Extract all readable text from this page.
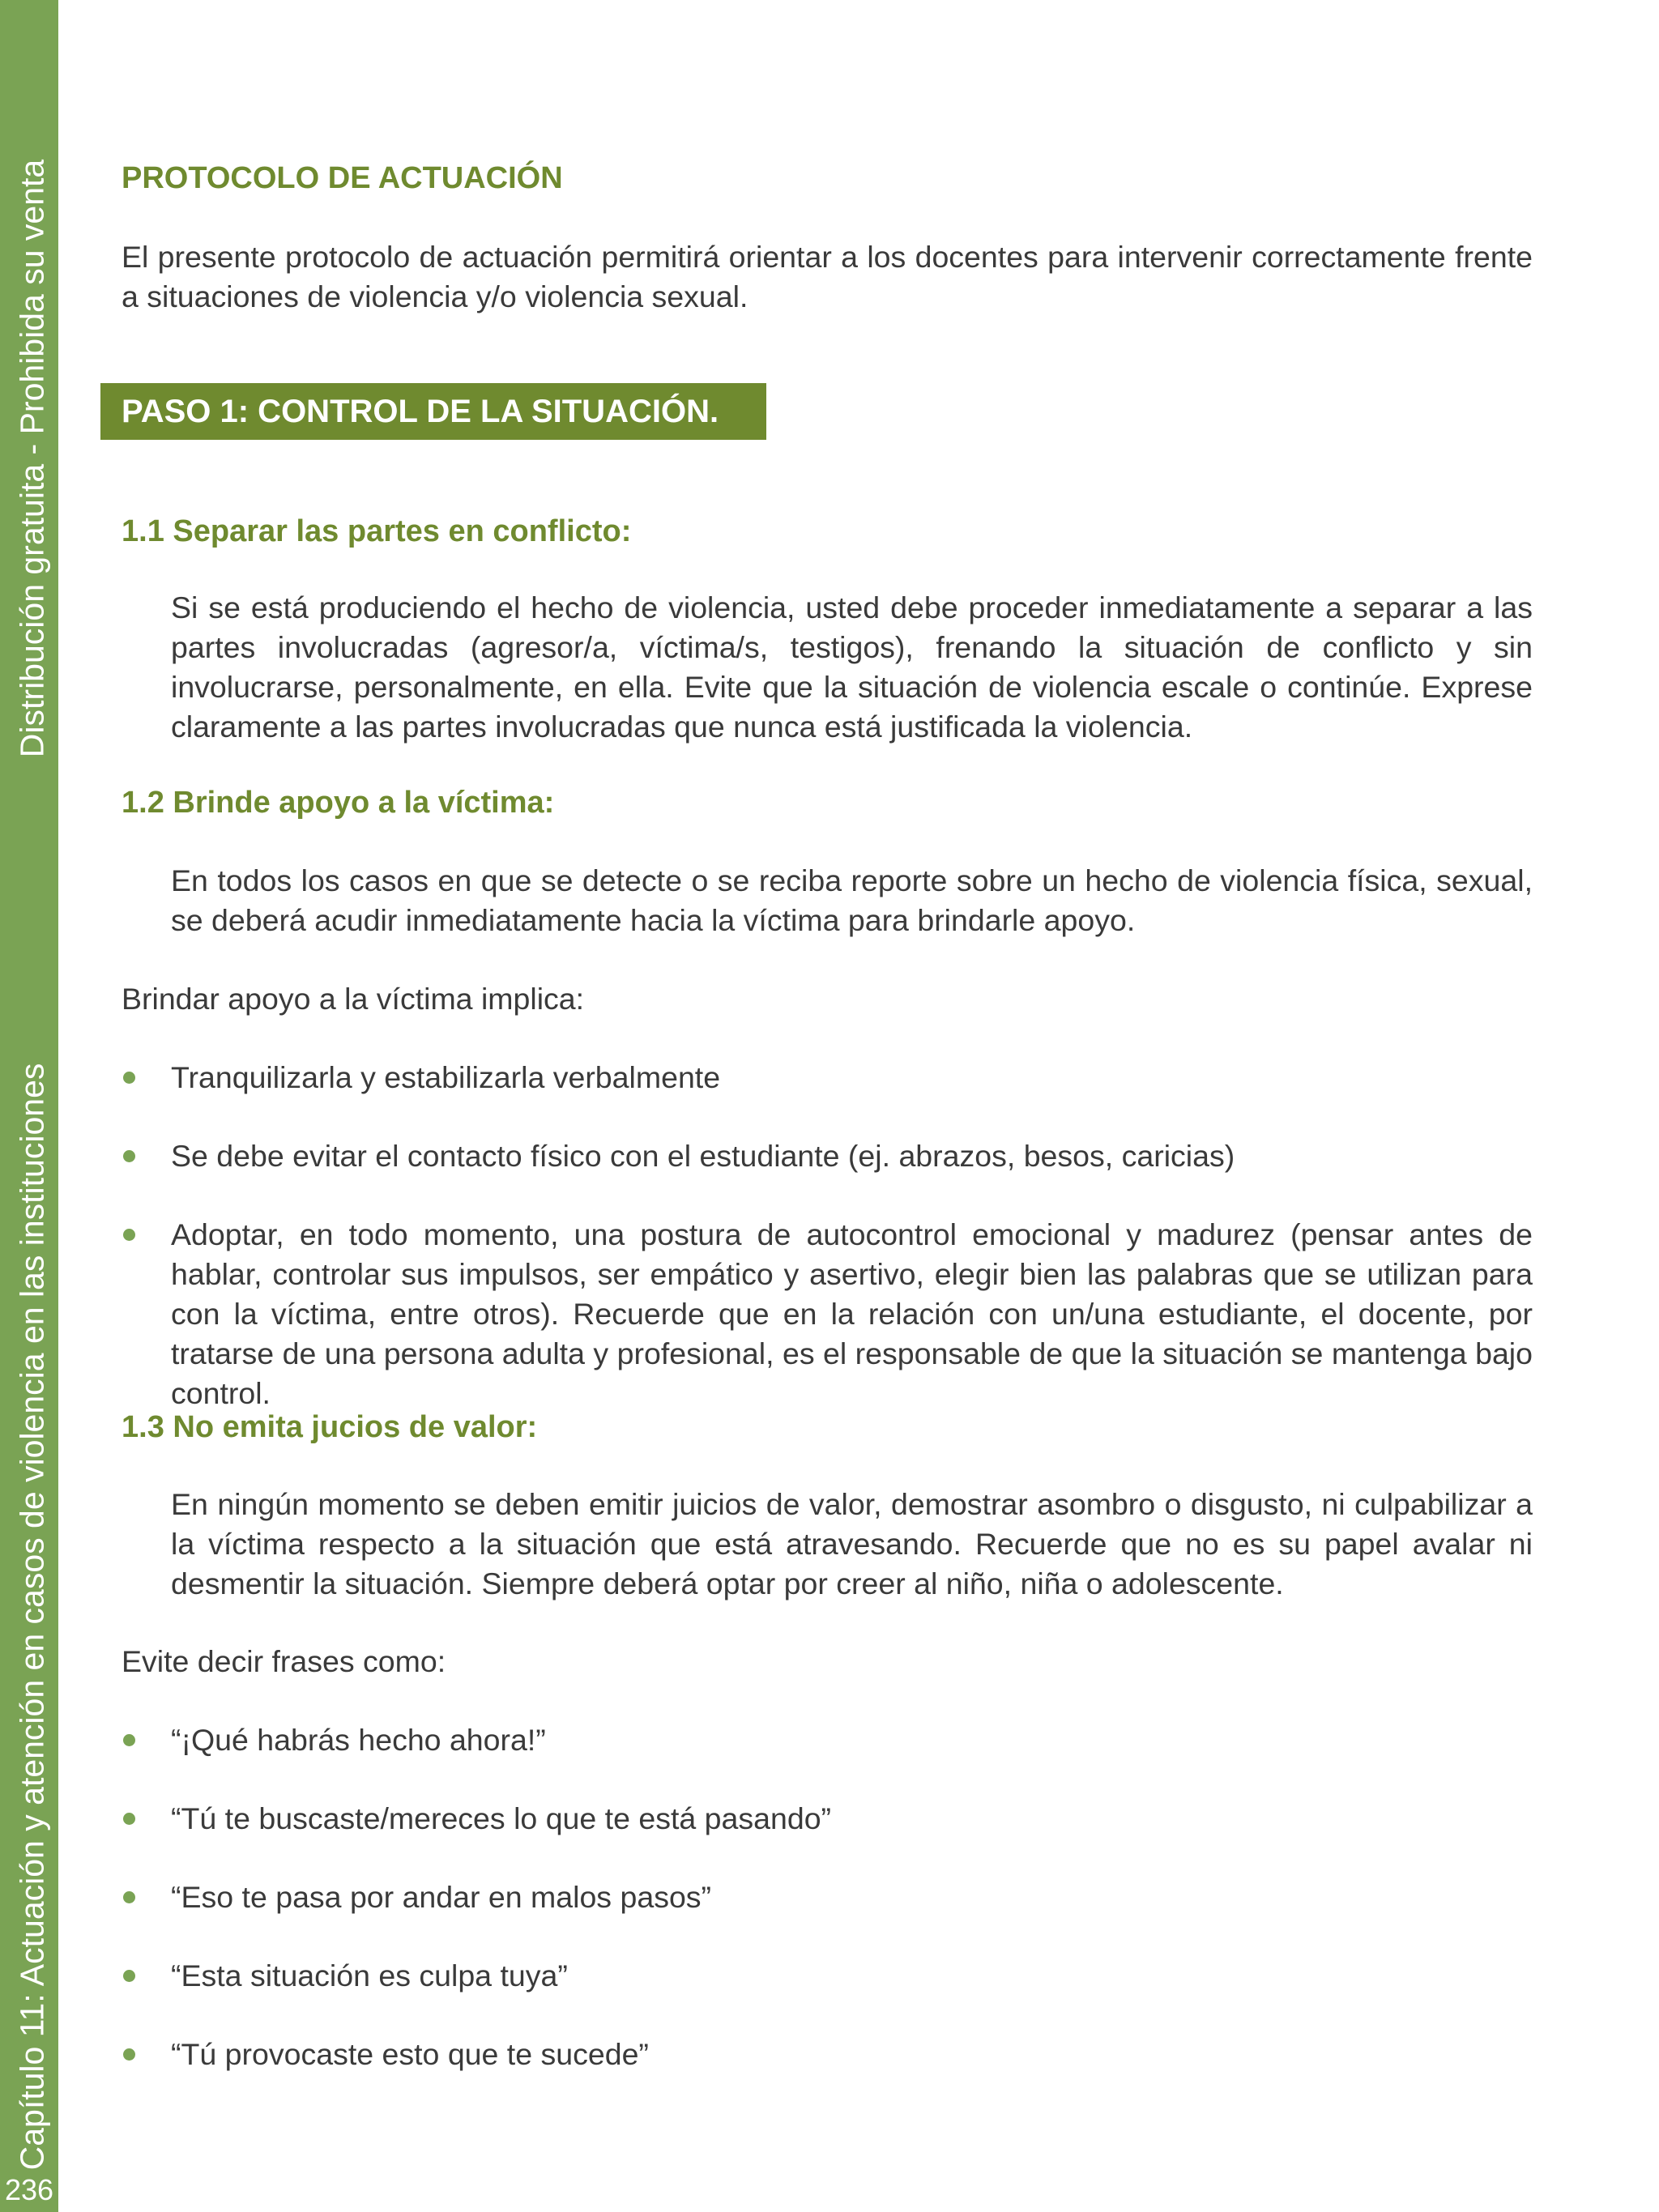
Distribución gratuita - Prohibida su venta
Capítulo 11: Actuación y atención en casos de violencia en las instituciones
236
PROTOCOLO DE ACTUACIÓN

El presente protocolo de actuación permitirá orientar a los docentes para intervenir correctamente frente a situaciones de violencia y/o violencia sexual.

PASO 1: CONTROL DE LA SITUACIÓN.
1.1 Separar las partes en conflicto:

Si se está produciendo el hecho de violencia, usted debe proceder inmediatamente a separar a las partes involucradas (agresor/a, víctima/s, testigos), frenando la situación de conflicto y sin involucrarse, personalmente, en ella. Evite que la situación de violencia escale o continúe. Exprese claramente a las partes involucradas que nunca está justificada la violencia.

1.2 Brinde apoyo a la víctima:

En todos los casos en que se detecte o se reciba reporte sobre un hecho de violencia física, sexual, se deberá acudir inmediatamente hacia la víctima para brindarle apoyo.

Brindar apoyo a la víctima implica:

Tranquilizarla y estabilizarla verbalmente

Se debe evitar el contacto físico con el estudiante (ej. abrazos, besos, caricias)

Adoptar, en todo momento, una postura de autocontrol emocional y madurez (pensar antes de hablar, controlar sus impulsos, ser empático y asertivo, elegir bien las palabras que se utilizan para con la víctima, entre otros). Recuerde que en la relación con un/una estudiante, el docente, por tratarse de una persona adulta y profesional, es el responsable de que la situación se mantenga bajo control.

1.3 No emita jucios de valor:

En ningún momento se deben emitir juicios de valor, demostrar asombro o disgusto, ni culpabilizar a la víctima respecto a la situación que está atravesando. Recuerde que no es su papel avalar ni desmentir la situación. Siempre deberá optar por creer al niño, niña o adolescente.

Evite decir frases como:

“¡Qué habrás hecho ahora!”

“Tú te buscaste/mereces lo que te está pasando”

“Eso te pasa por andar en malos pasos”

“Esta situación es culpa tuya”

“Tú provocaste esto que te sucede”
